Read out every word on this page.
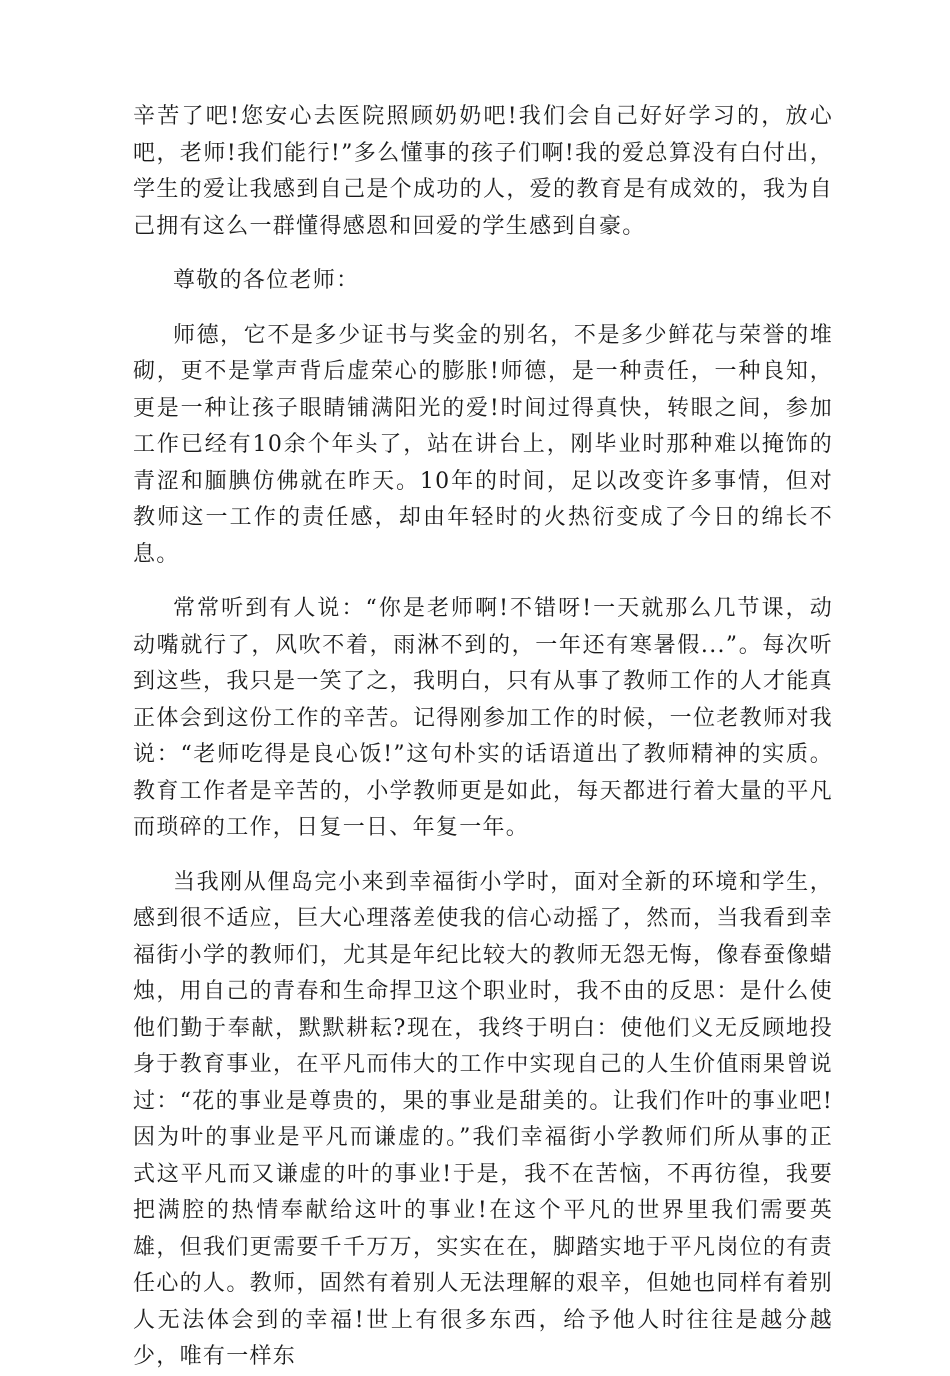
辛苦了吧!您安心去医院照顾奶奶吧!我们会自己好好学习的，放心吧，老师!我们能行!”多么懂事的孩子们啊!我的爱总算没有白付出，学生的爱让我感到自己是个成功的人，爱的教育是有成效的，我为自己拥有这么一群懂得感恩和回爱的学生感到自豪。

尊敬的各位老师：

师德，它不是多少证书与奖金的别名，不是多少鲜花与荣誉的堆砌，更不是掌声背后虚荣心的膨胀!师德，是一种责任，一种良知，更是一种让孩子眼睛铺满阳光的爱!时间过得真快，转眼之间，参加工作已经有10余个年头了，站在讲台上，刚毕业时那种难以掩饰的青涩和腼腆仿佛就在昨天。10年的时间，足以改变许多事情，但对教师这一工作的责任感，却由年轻时的火热衍变成了今日的绵长不息。

常常听到有人说：“你是老师啊!不错呀!一天就那么几节课，动动嘴就行了，风吹不着，雨淋不到的，一年还有寒暑假...”。每次听到这些，我只是一笑了之，我明白，只有从事了教师工作的人才能真正体会到这份工作的辛苦。记得刚参加工作的时候，一位老教师对我说：“老师吃得是良心饭!”这句朴实的话语道出了教师精神的实质。教育工作者是辛苦的，小学教师更是如此，每天都进行着大量的平凡而琐碎的工作，日复一日、年复一年。

当我刚从俚岛完小来到幸福街小学时，面对全新的环境和学生，感到很不适应，巨大心理落差使我的信心动摇了，然而，当我看到幸福街小学的教师们，尤其是年纪比较大的教师无怨无悔，像春蚕像蜡烛，用自己的青春和生命捍卫这个职业时，我不由的反思：是什么使他们勤于奉献，默默耕耘?现在，我终于明白：使他们义无反顾地投身于教育事业，在平凡而伟大的工作中实现自己的人生价值雨果曾说过：“花的事业是尊贵的，果的事业是甜美的。让我们作叶的事业吧!因为叶的事业是平凡而谦虚的。”我们幸福街小学教师们所从事的正式这平凡而又谦虚的叶的事业!于是，我不在苦恼，不再彷徨，我要把满腔的热情奉献给这叶的事业!在这个平凡的世界里我们需要英雄，但我们更需要千千万万，实实在在，脚踏实地于平凡岗位的有责任心的人。教师，固然有着别人无法理解的艰辛，但她也同样有着别人无法体会到的幸福!世上有很多东西，给予他人时往往是越分越少，唯有一样东
